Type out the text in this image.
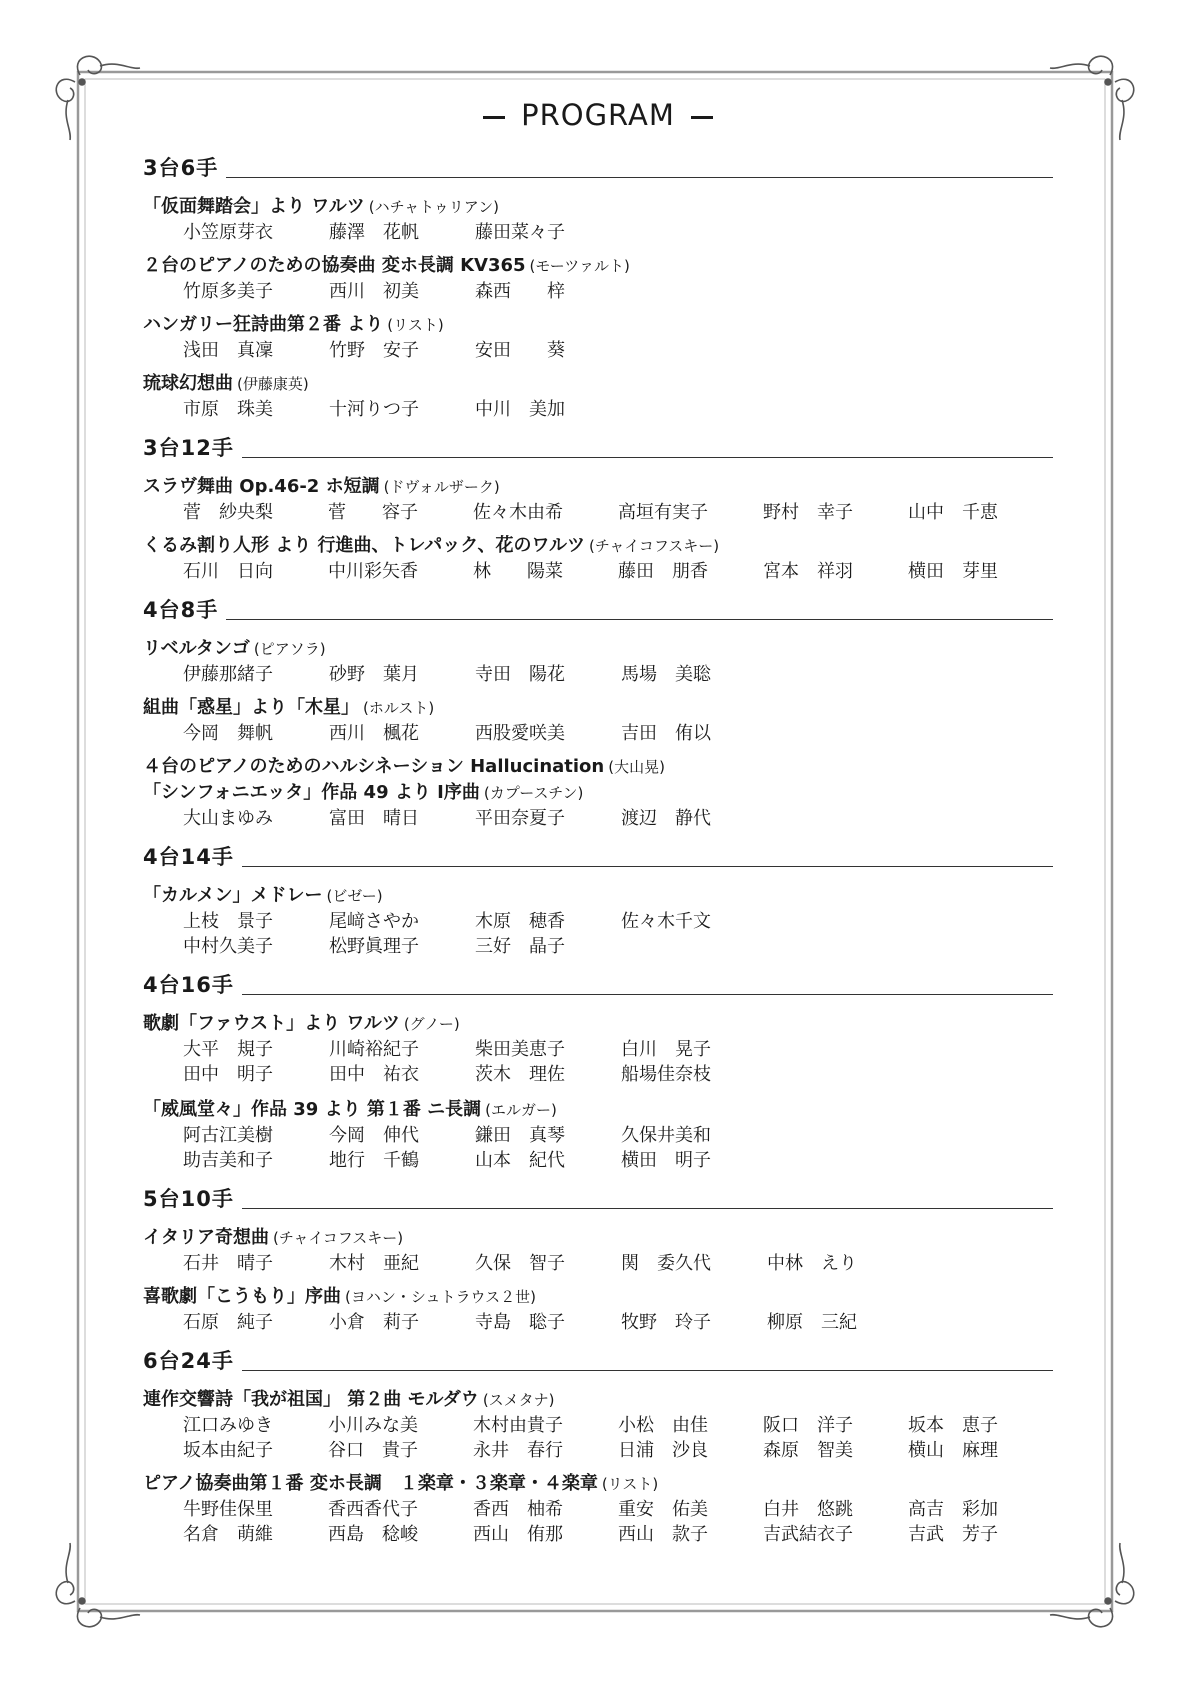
PROGRAM
3台6手
「仮面舞踏会」より ワルツ (ハチャトゥリアン)
小笠原芽衣	藤澤　花帆	藤田菜々子
２台のピアノのための協奏曲 変ホ長調 KV365 (モーツァルト)
竹原多美子	西川　初美	森西　　梓
ハンガリー狂詩曲第２番 より (リスト)
浅田　真凜	竹野　安子	安田　　葵
琉球幻想曲 (伊藤康英)
市原　珠美	十河りつ子	中川　美加
3台12手
スラヴ舞曲 Op.46-2 ホ短調 (ドヴォルザーク)
菅　紗央梨	菅　　容子	佐々木由希	高垣有実子	野村　幸子	山中　千恵
くるみ割り人形 より 行進曲、トレパック、花のワルツ (チャイコフスキー)
石川　日向	中川彩矢香	林　　陽菜	藤田　朋香	宮本　祥羽	横田　芽里
4台8手
リベルタンゴ (ピアソラ)
伊藤那緒子	砂野　葉月	寺田　陽花	馬場　美聡
組曲「惑星」より「木星」 (ホルスト)
今岡　舞帆	西川　楓花	西股愛咲美	吉田　侑以
４台のピアノのためのハルシネーション Hallucination (大山晃)
「シンフォニエッタ」作品 49 より Ⅰ序曲 (カプースチン)
大山まゆみ	富田　晴日	平田奈夏子	渡辺　静代
4台14手
「カルメン」メドレー (ビゼー)
上枝　景子	尾﨑さやか	木原　穂香	佐々木千文
中村久美子	松野眞理子	三好　晶子
4台16手
歌劇「ファウスト」より ワルツ (グノー)
大平　規子	川崎裕紀子	柴田美恵子	白川　晃子
田中　明子	田中　祐衣	茨木　理佐	船場佳奈枝
「威風堂々」作品 39 より 第１番 ニ長調 (エルガー)
阿古江美樹	今岡　伸代	鎌田　真琴	久保井美和
助吉美和子	地行　千鶴	山本　紀代	横田　明子
5台10手
イタリア奇想曲 (チャイコフスキー)
石井　晴子	木村　亜紀	久保　智子	関　委久代	中林　えり
喜歌劇「こうもり」序曲 (ヨハン・シュトラウス２世)
石原　純子	小倉　莉子	寺島　聡子	牧野　玲子	柳原　三紀
6台24手
連作交響詩「我が祖国」 第２曲 モルダウ (スメタナ)
江口みゆき	小川みな美	木村由貴子	小松　由佳	阪口　洋子	坂本　恵子
坂本由紀子	谷口　貴子	永井　春行	日浦　沙良	森原　智美	横山　麻理
ピアノ協奏曲第１番 変ホ長調　１楽章・３楽章・４楽章 (リスト)
牛野佳保里	香西香代子	香西　柚希	重安　佑美	白井　悠跳	高吉　彩加
名倉　萌維	西島　稔峻	西山　侑那	西山　款子	吉武結衣子	吉武　芳子
